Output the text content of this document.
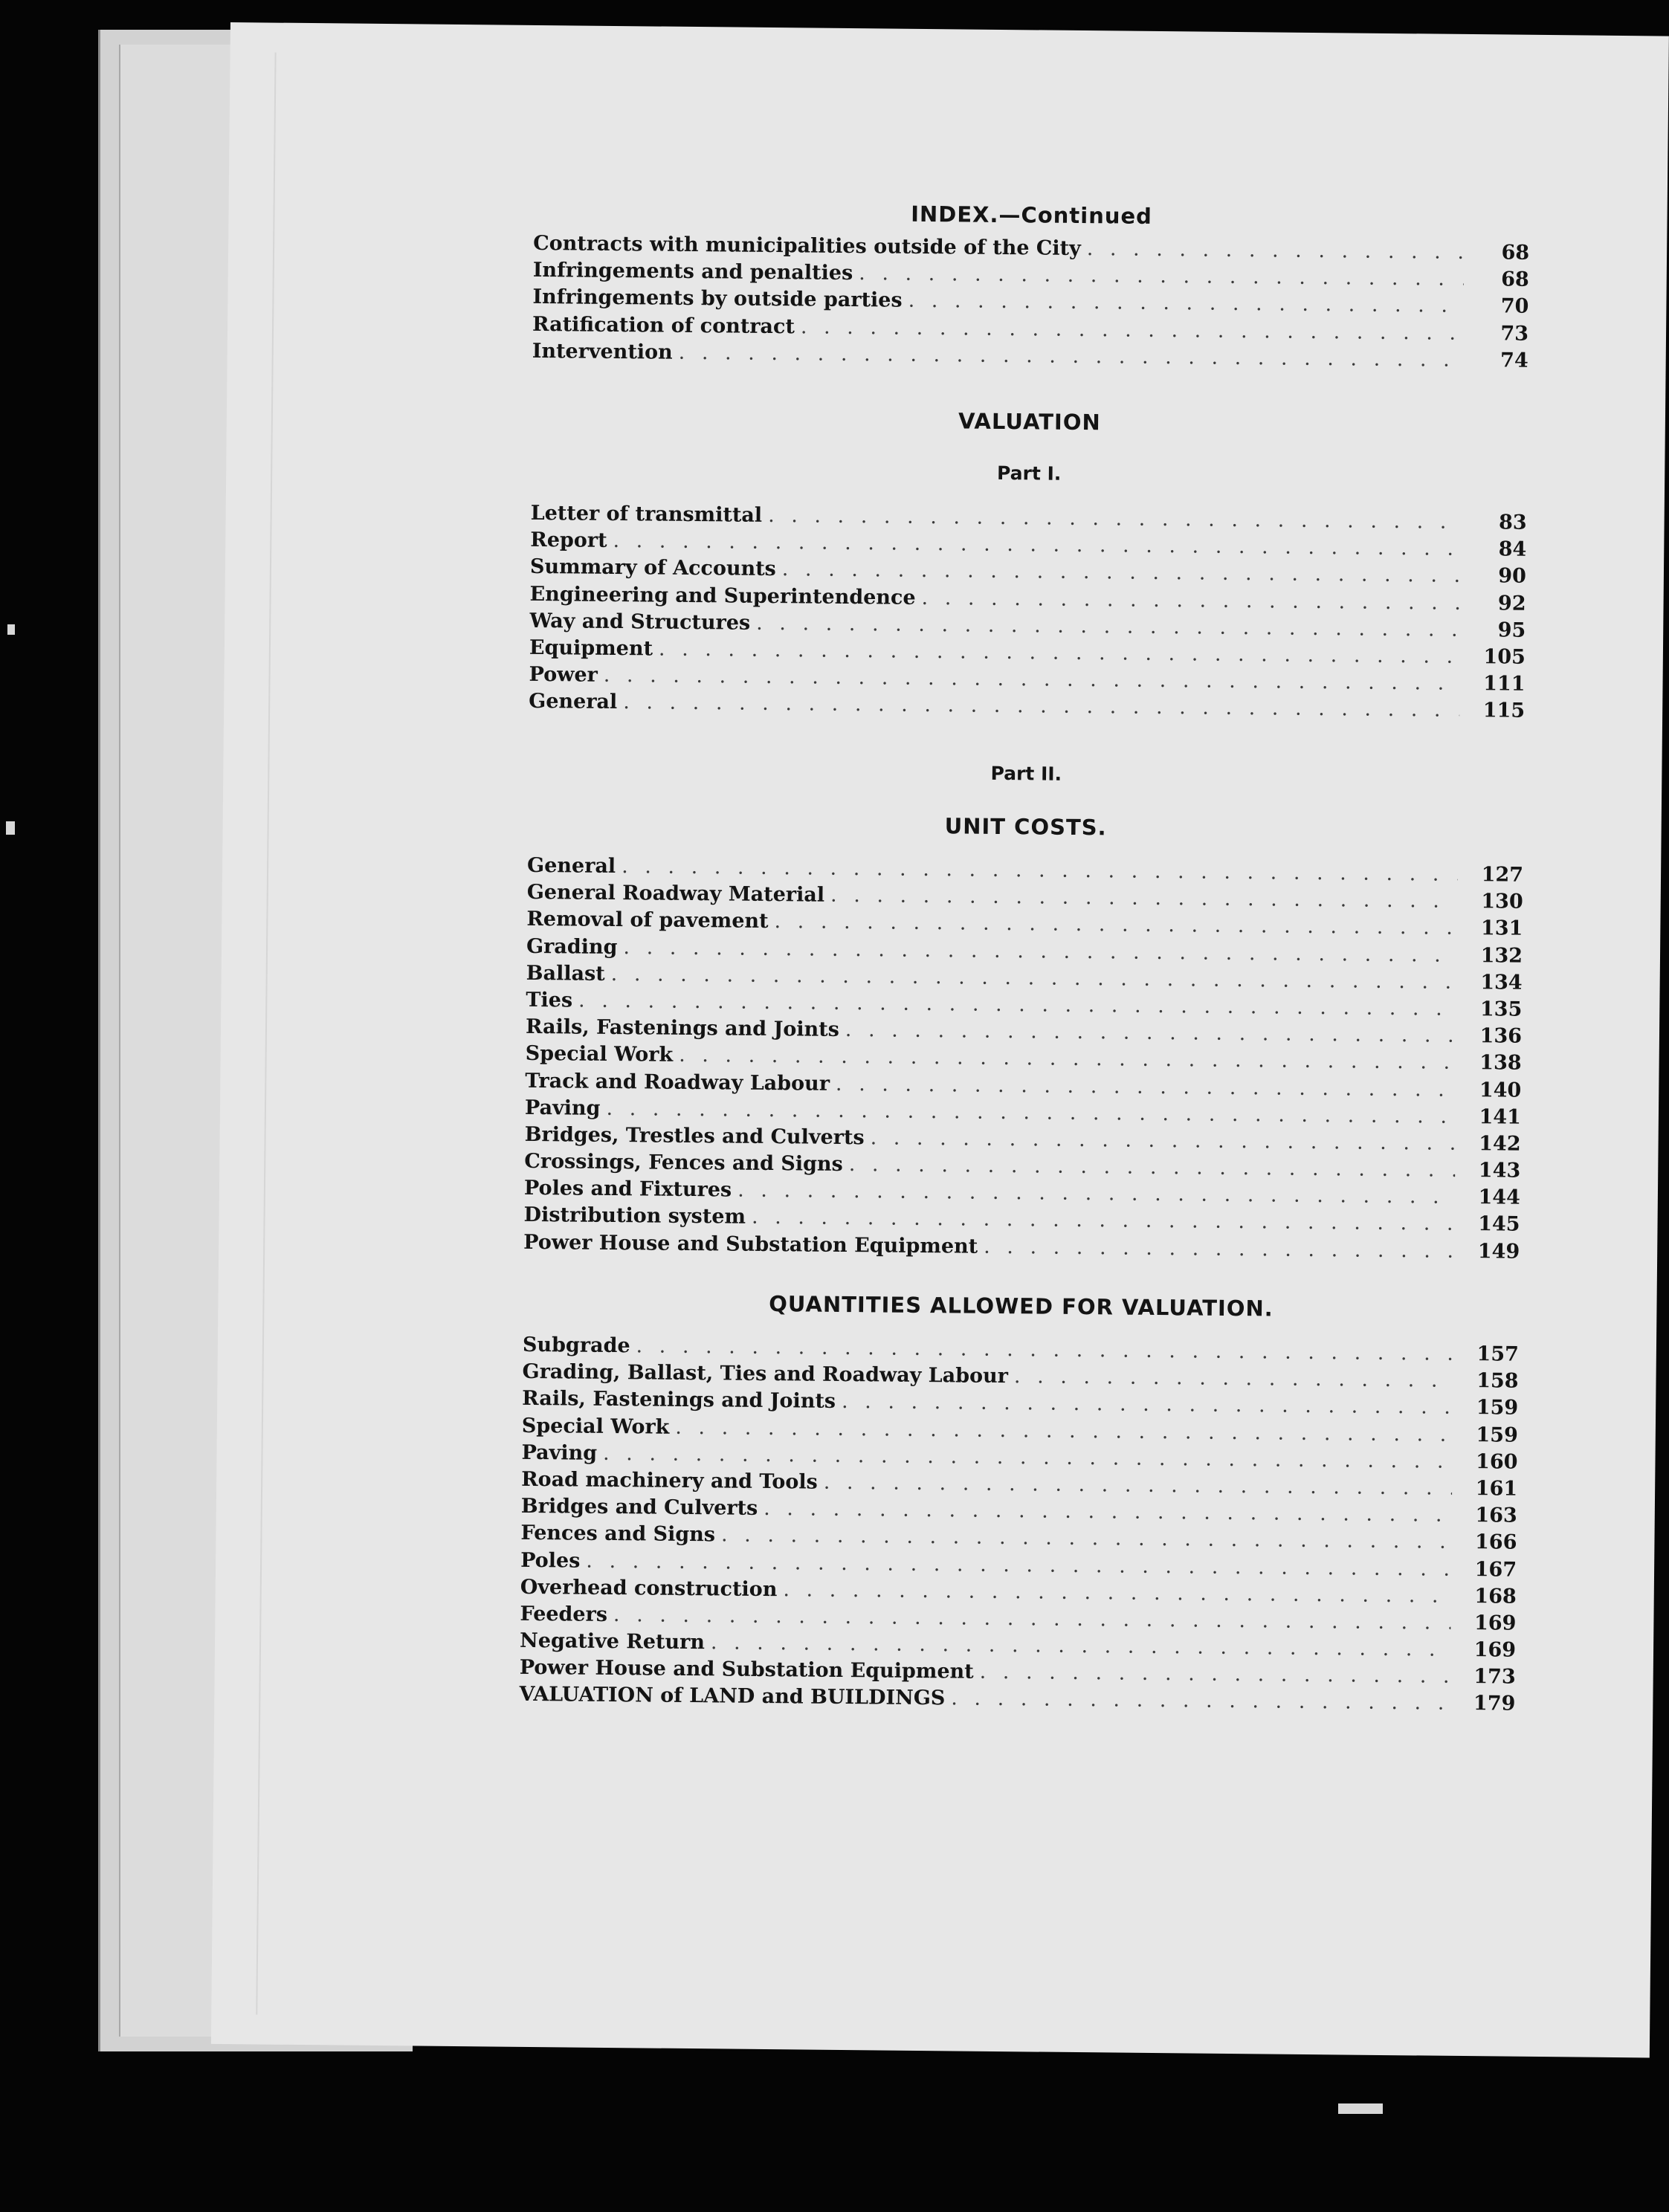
INDEX.—Continued
Contracts with municipalities outside of the City . . .	68
Infringements and penalties . . .	68
Infringements by outside parties . . .	70
Ratification of contract . . .	73
Intervention . . .	74
VALUATION
Part I.
Letter of transmittal . . .	83
Report . . .	84
Summary of Accounts . . .	90
Engineering and Superintendence . . .	92
Way and Structures . . .	95
Equipment . . .	105
Power . . .	111
General . . .	115
Part II.
UNIT COSTS.
General . . .	127
General Roadway Material . . .	130
Removal of pavement . . .	131
Grading . . .	132
Ballast . . .	134
Ties . . .	135
Rails, Fastenings and Joints . . .	136
Special Work . . .	138
Track and Roadway Labour . . .	140
Paving . . .	141
Bridges, Trestles and Culverts . . .	142
Crossings, Fences and Signs . . .	143
Poles and Fixtures . . .	144
Distribution system . . .	145
Power House and Substation Equipment . . .	149
QUANTITIES ALLOWED FOR VALUATION.
Subgrade . . .	157
Grading, Ballast, Ties and Roadway Labour . . .	158
Rails, Fastenings and Joints . . .	159
Special Work . . .	159
Paving . . .	160
Road machinery and Tools . . .	161
Bridges and Culverts . . .	163
Fences and Signs . . .	166
Poles . . .	167
Overhead construction . . .	168
Feeders . . .	169
Negative Return . . .	169
Power House and Substation Equipment . . .	173
VALUATION of LAND and BUILDINGS . . .	179
